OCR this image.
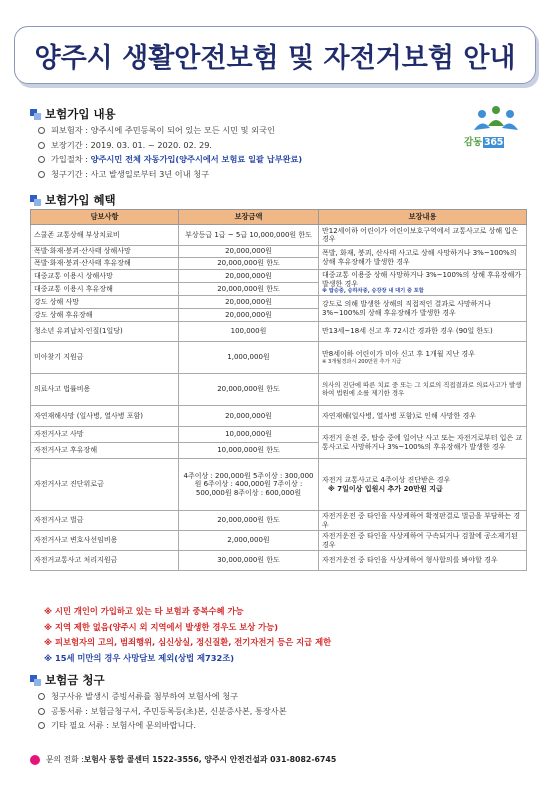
양주시 생활안전보험 및 자전거보험 안내
보험가입 내용
피보험자 : 양주시에 주민등록이 되어 있는 모든 시민 및 외국인
보장기간 : 2019. 03. 01. ~ 2020. 02. 29.
가입절차 : 양주시민 전체 자동가입(양주시에서 보험료 일괄 납부완료)
청구기간 : 사고 발생일로부터 3년 이내 청구
감동 365
보험가입 혜택
담보사항	보장금액	보장내용
스쿨존 교통상해 부상치료비	부상등급 1급 ~ 5급 10,000,000원 한도	만12세이하 어린이가 어린이보호구역에서 교통사고로 상해 입은 경우
폭발·화재·붕괴·산사태 상해사망	20,000,000원	폭발, 화재, 붕괴, 산사태 사고로 상해 사망하거나 3%~100%의 상해 후유장해가 발생한 경우
폭발·화재·붕괴·산사태 후유장해	20,000,000원 한도	
대중교통 이용시 상해사망	20,000,000원	대중교통 이용중 상해 사망하거나 3%~100%의 상해 후유장해가 발생한 경우
※ 탑승중, 승하차중, 승강장 내 대기 중 포함

대중교통 이용시 후유장해	20,000,000원 한도	
강도 상해 사망	20,000,000원	강도로 의해 발생한 상해의 직접적인 결과로 사망하거나 3%~100%의 상해 후유장해가 발생한 경우
강도 상해 후유장해	20,000,000원	
청소년 유괴납치·인질(1일당)	100,000원	만13세~18세 신고 후 72시간 경과한 경우 (90일 한도)
미아찾기 지원금	1,000,000원	만8세이하 어린이가 미아 신고 후 1개월 지난 경우
※ 3개월경과시 200만원 추가 지급

의료사고 법률비용	20,000,000원 한도	의사의 진단에 따른 치료 중 또는 그 치료의 직접결과로 의료사고가 발생하여 법원에 소를 제기한 경우
자연재해사망 (일사병, 열사병 포함)	20,000,000원	자연재해(일사병, 열사병 포함)로 인해 사망한 경우
자전거사고 사망	10,000,000원	자전거 운전 중, 탑승 중에 일어난 사고 또는 자전거로부터 입은 교통사고로 사망하거나 3%~100%의 후유장해가 발생한 경우
자전거사고 후유장해	10,000,000원 한도	
자전거사고 진단위로금	4주이상 : 200,000원 5주이상 : 300,000원 6주이상 : 400,000원 7주이상 : 500,000원 8주이상 : 600,000원	자전거 교통사고로 4주이상 진단받은 경우
※ 7일이상 입원시 추가 20만원 지급

자전거사고 벌금	20,000,000원 한도	자전거운전 중 타인을 사상케하여 확정판결로 벌금을 부담하는 경우
자전거사고 변호사선임비용	2,000,000원	자전거운전 중 타인을 사상케하여 구속되거나 검찰에 공소제기된 경우
자전거교통사고 처리지원금	30,000,000원 한도	자전거운전 중 타인을 사상케하여 형사합의를 봐야할 경우
※ 시민 개인이 가입하고 있는 타 보험과 중복수혜 가능
※ 지역 제한 없음(양주시 외 지역에서 발생한 경우도 보상 가능)
※ 피보험자의 고의, 범죄행위, 심신상실, 정신질환, 전기자전거 등은 지급 제한
※ 15세 미만의 경우 사망담보 제외(상법 제732조)
보험금 청구
청구사유 발생시 증빙서류를 첨부하여 보험사에 청구
공통서류 : 보험금청구서, 주민등록등(초)본, 신분증사본, 통장사본
기타 필요 서류 : 보험사에 문의바랍니다.
문의 전화 : 보험사 통합 콜센터 1522-3556, 양주시 안전건설과 031-8082-6745
